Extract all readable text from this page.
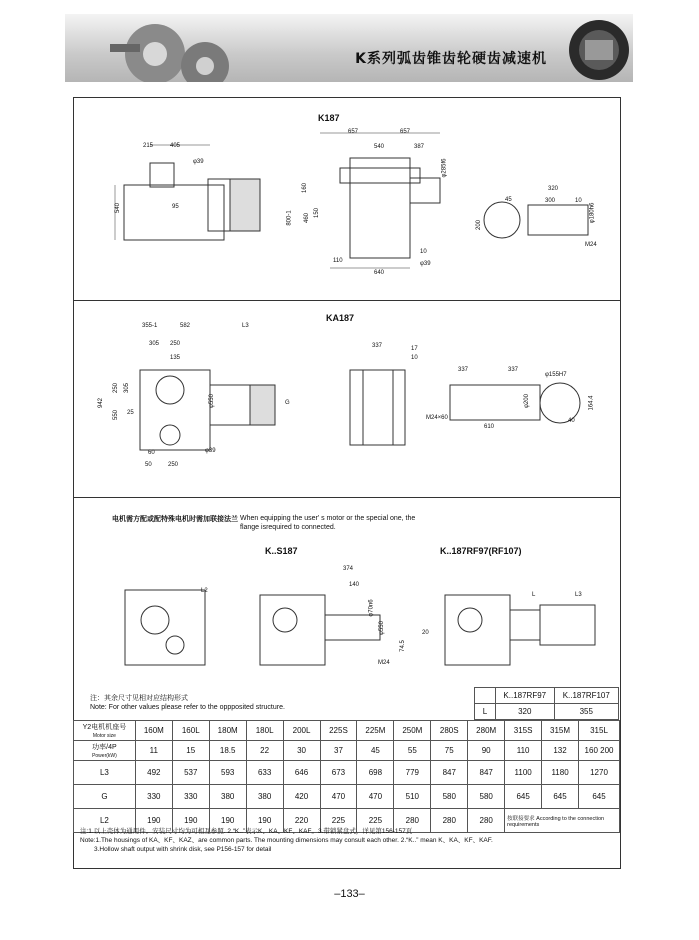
K系列弧齿锥齿轮硬齿减速机
K187
215	405
φ39
540	95
657	657
540	387
φ285f6
160
460
800-1	150
10
110	φ39
640
320
300	10
φ180h6
45
200
M24
KA187
355-1	582	L3
305 250
135
942
250 305
550 25
φ550	G
60
250
50
φ39
337	17
10
337	337
φ155H7
φ200
M24×60
610
164.4
40
电机需方配或配特殊电机时需加联接法兰 When equipping the user' s motor or the special one, the flange isrequired to connected.
K..S187	K..187RF97(RF107)
L2
374
140
φ70n6
φ550
M24
74.5
20
L	L3
注：其余尺寸见相对应结构形式
Note: For other values please refer to the oppposited structure.
	K..187RF97	K..187RF107
L	320	355
Y2电机机座号
Motor size	160M	160L	180M	180L	200L	225S	225M	250M	280S	280M	315S	315M	315L
功率/4P
Power(kW)	11	15	18.5	22	30	37	45	55	75	90	110	132	160 200
L3	492	537	593	633	646	673	698	779	847	847	1100	1180	1270
G	330	330	380	380	420	470	470	510	580	580	645	645	645
L2	190	190	190	190	220	225	225	280	280	280	按联接要求 According to the connection requirements		
注:1.以上壳体为通用件。安装尺寸均为可相互参照. 2.“K..”表示K、KA、KF、KAF。3.带锁紧盘式，详见第156-157页
Note:1.The housings of KA、KF、KAZ、are common parts. The mounting dimensions may consult each other. 2.“K..” mean K、KA、KF、KAF.
3.Hollow shaft output with shrink disk, see P156-157 for detail
–133–
